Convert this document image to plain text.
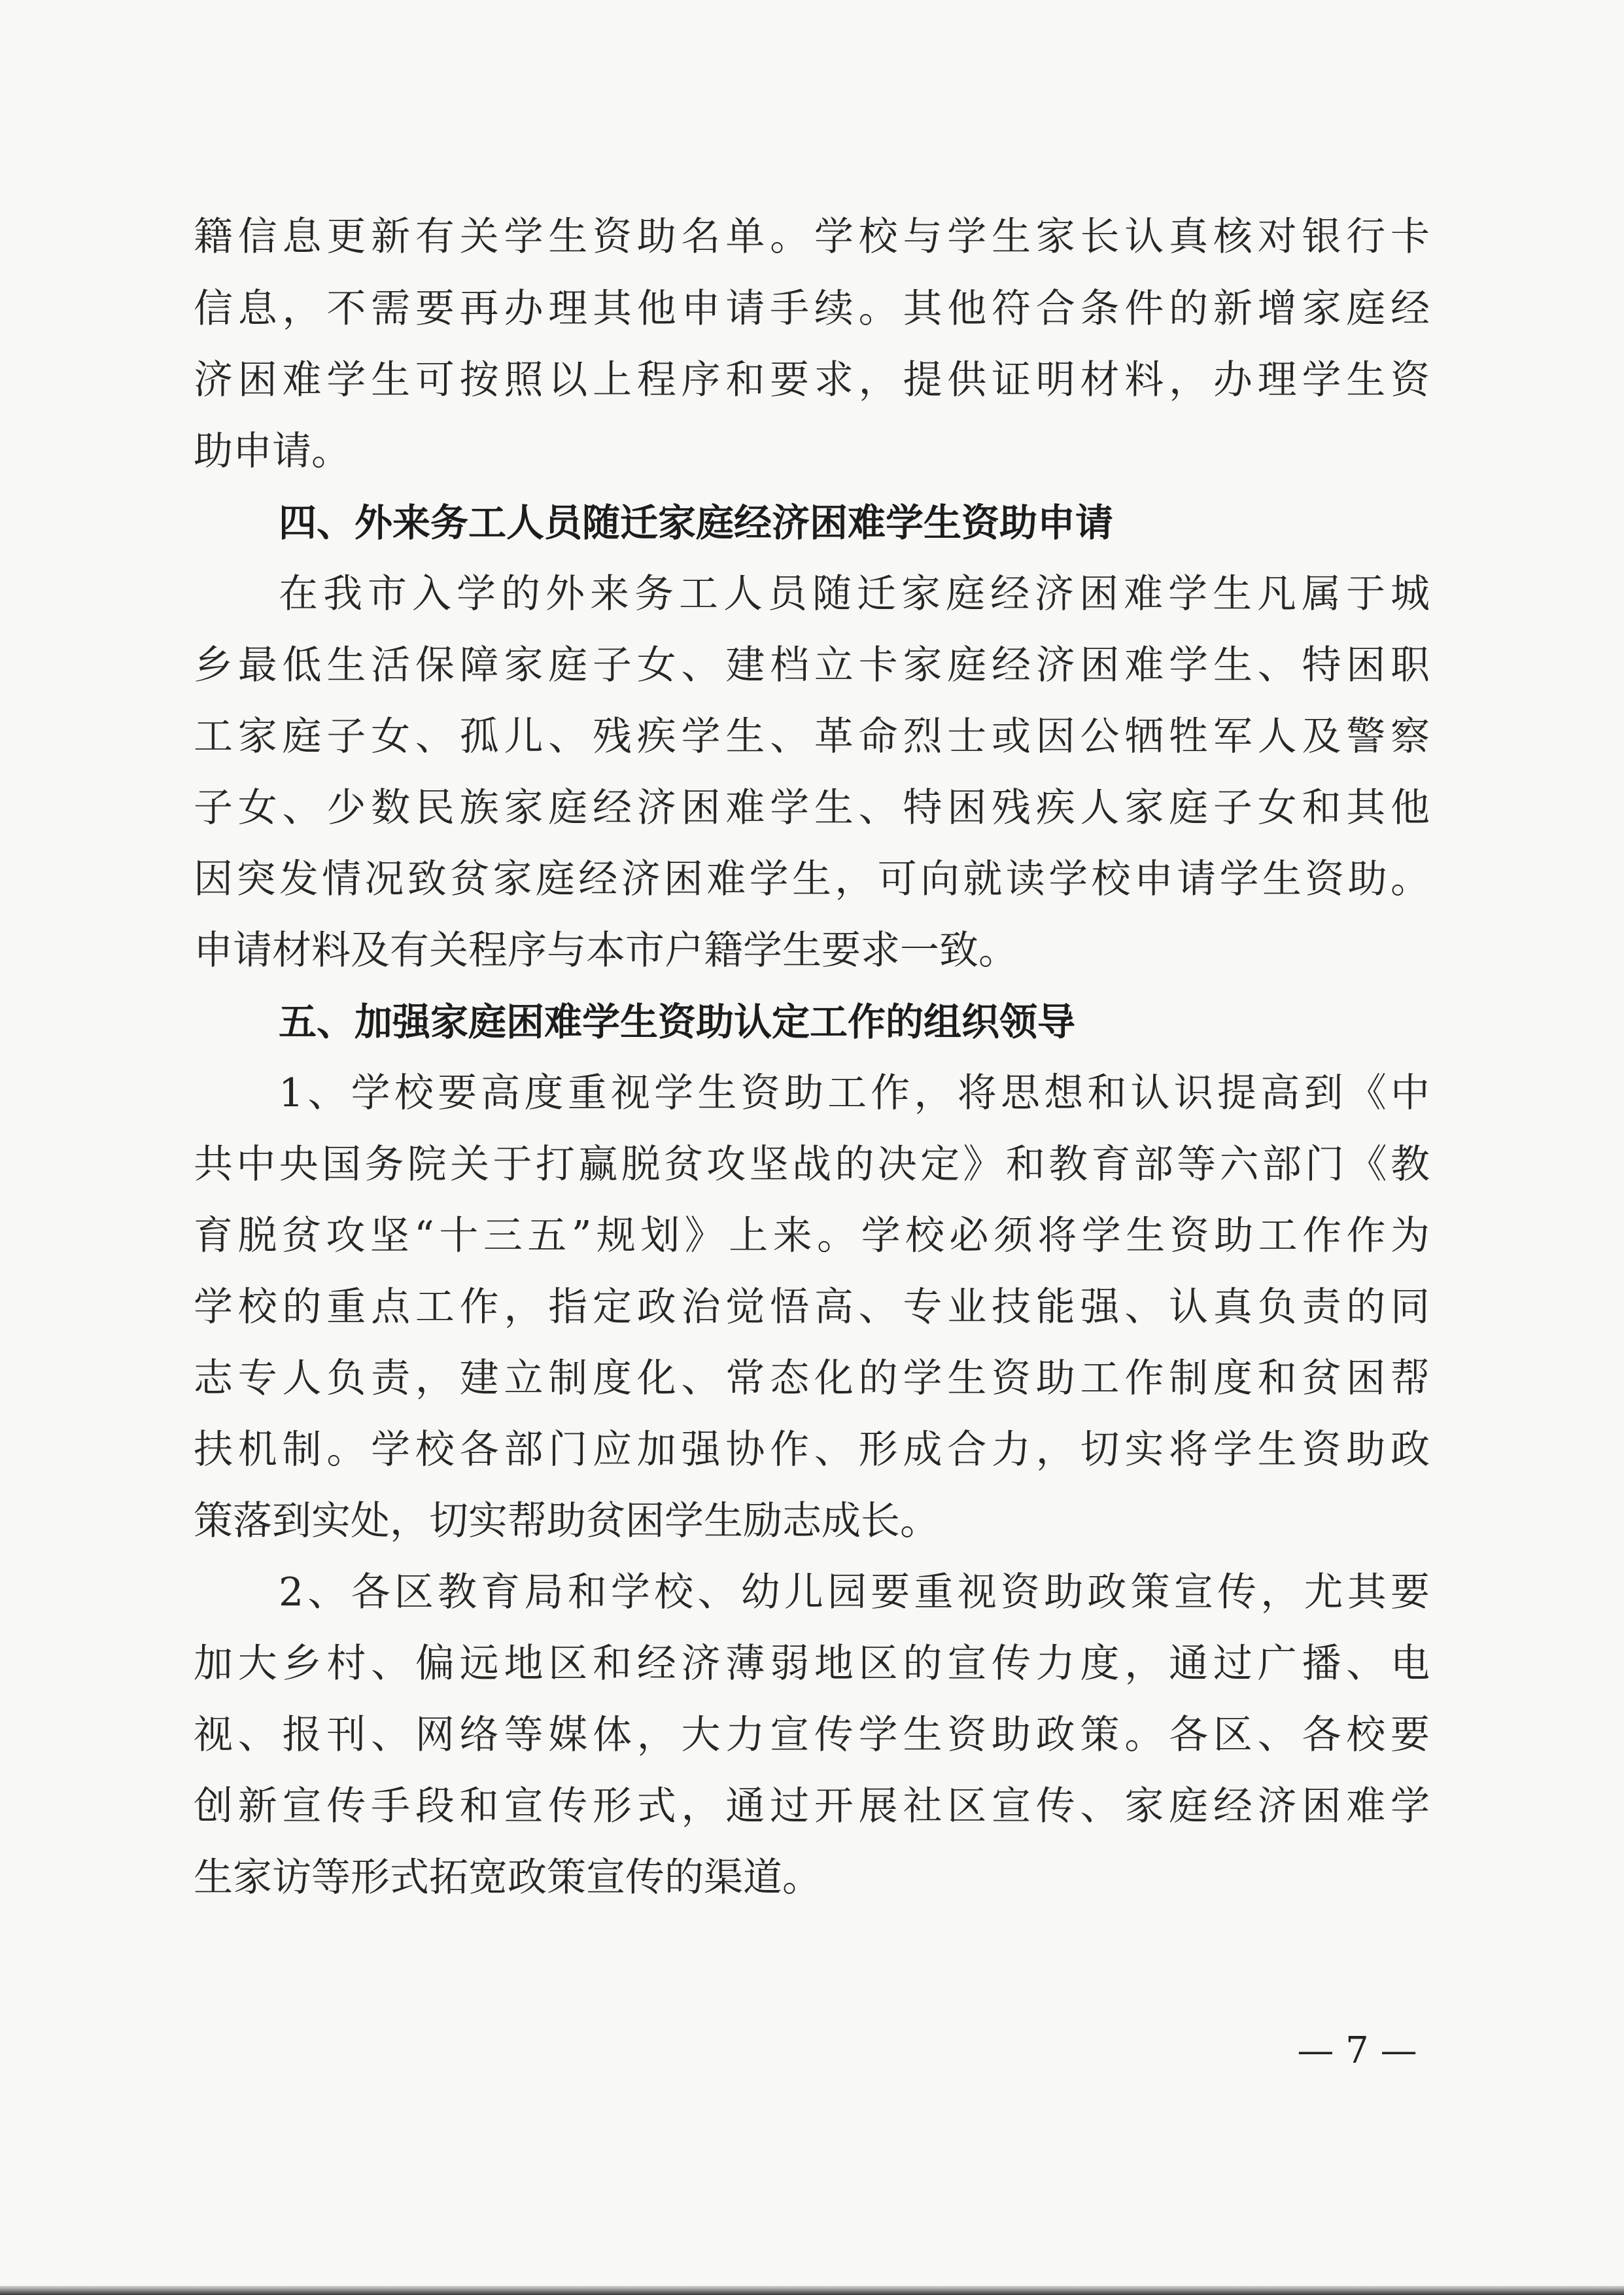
籍信息更新有关学生资助名单。学校与学生家长认真核对银行卡
信息，不需要再办理其他申请手续。其他符合条件的新增家庭经
济困难学生可按照以上程序和要求，提供证明材料，办理学生资
助申请。
四、外来务工人员随迁家庭经济困难学生资助申请
在我市入学的外来务工人员随迁家庭经济困难学生凡属于城
乡最低生活保障家庭子女、建档立卡家庭经济困难学生、特困职
工家庭子女、孤儿、残疾学生、革命烈士或因公牺牲军人及警察
子女、少数民族家庭经济困难学生、特困残疾人家庭子女和其他
因突发情况致贫家庭经济困难学生，可向就读学校申请学生资助。
申请材料及有关程序与本市户籍学生要求一致。
五、加强家庭困难学生资助认定工作的组织领导
1、学校要高度重视学生资助工作，将思想和认识提高到《中
共中央国务院关于打赢脱贫攻坚战的决定》和教育部等六部门《教
育脱贫攻坚“十三五”规划》上来。学校必须将学生资助工作作为
学校的重点工作，指定政治觉悟高、专业技能强、认真负责的同
志专人负责，建立制度化、常态化的学生资助工作制度和贫困帮
扶机制。学校各部门应加强协作、形成合力，切实将学生资助政
策落到实处，切实帮助贫困学生励志成长。
2、各区教育局和学校、幼儿园要重视资助政策宣传，尤其要
加大乡村、偏远地区和经济薄弱地区的宣传力度，通过广播、电
视、报刊、网络等媒体，大力宣传学生资助政策。各区、各校要
创新宣传手段和宣传形式，通过开展社区宣传、家庭经济困难学
生家访等形式拓宽政策宣传的渠道。
— 7 —
